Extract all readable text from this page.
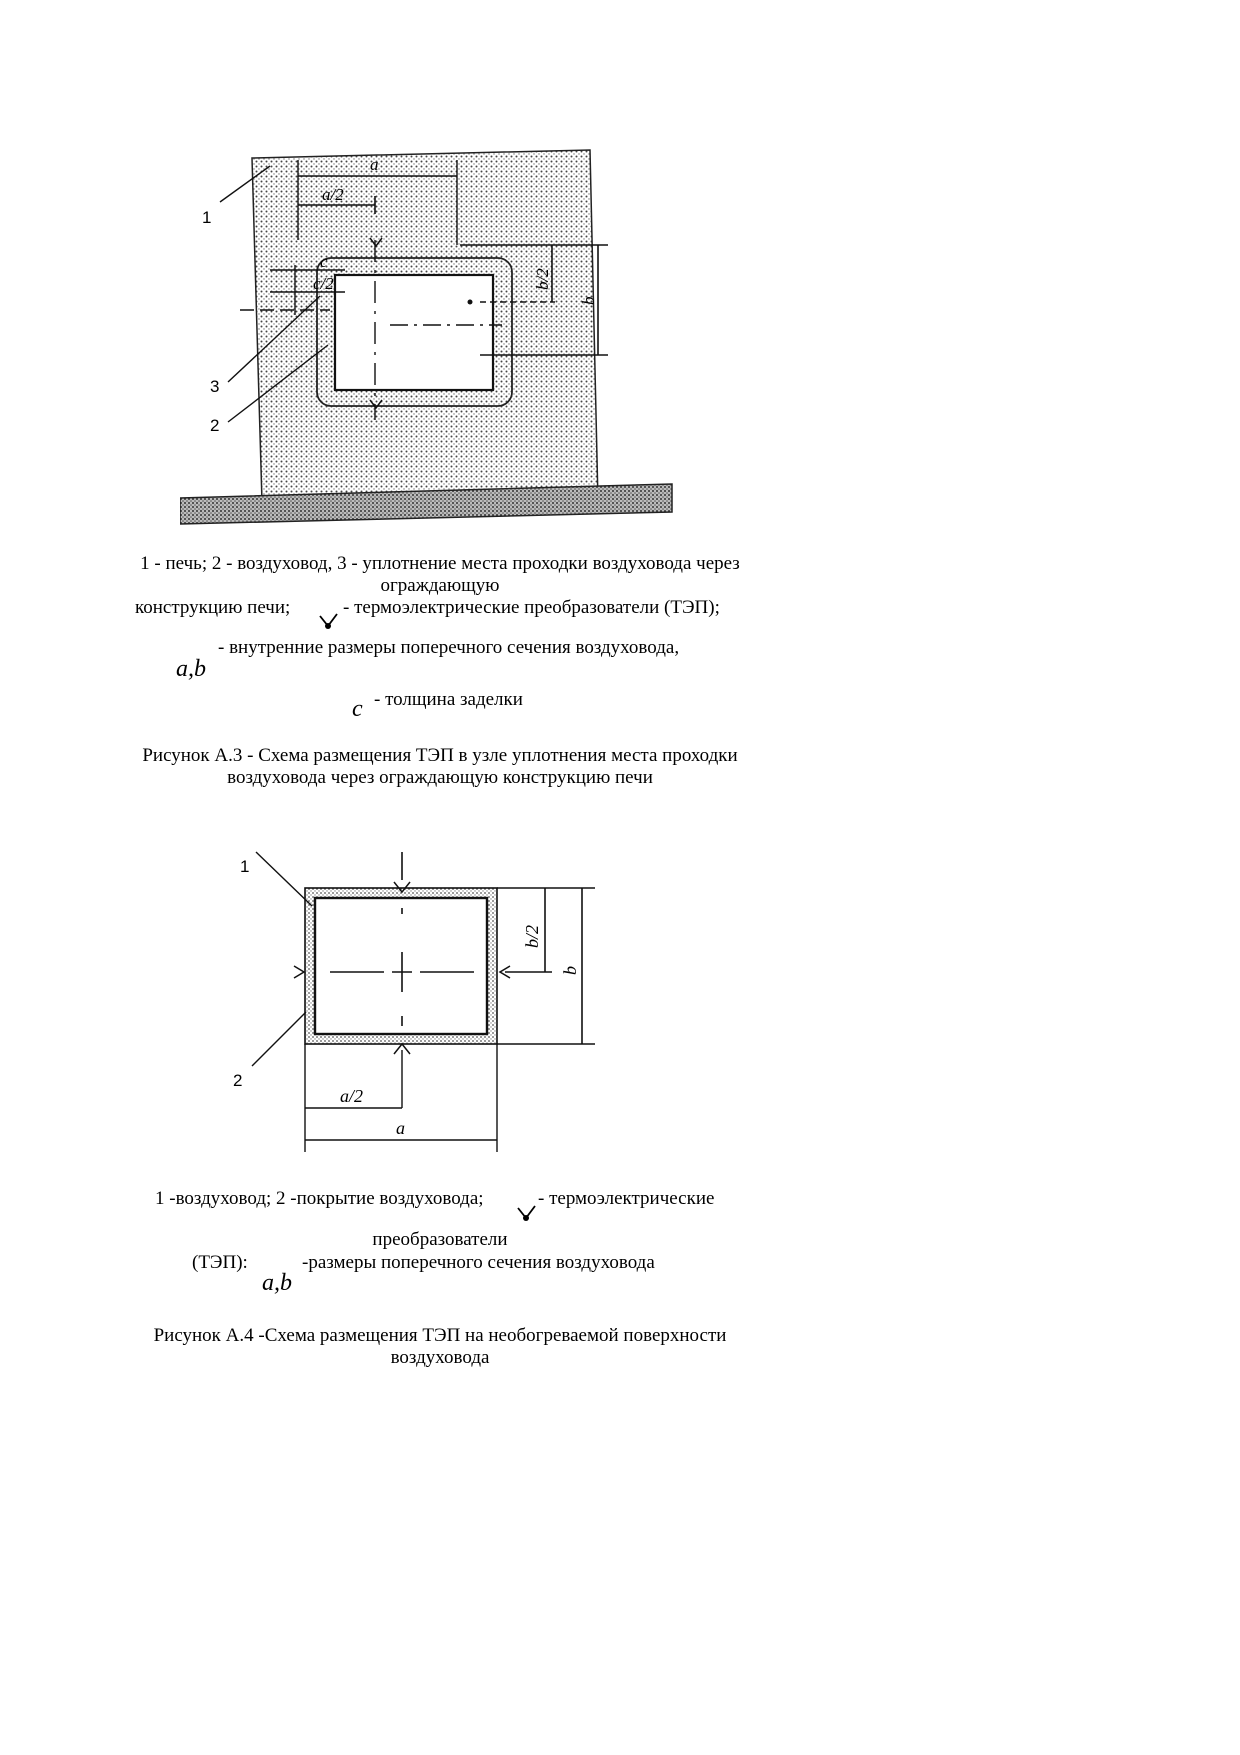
a
a/2
c
c/2	b/2
b
1
3
2
1 - печь; 2 - воздуховод, 3 - уплотнение места проходки воздуховода через
ограждающую
конструкцию печи;	- термоэлектрические преобразователи (ТЭП);
- внутренние размеры поперечного сечения воздуховода,
a,b
- толщина заделки
c
Рисунок А.3 - Схема размещения ТЭП в узле уплотнения места проходки
воздуховода через ограждающую конструкцию печи
b/2
b
a/2
a
1
2
1 -воздуховод; 2 -покрытие воздуховода;	- термоэлектрические
преобразователи
(ТЭП):	-размеры поперечного сечения воздуховода
a,b
Рисунок А.4 -Схема размещения ТЭП на необогреваемой поверхности
воздуховода
